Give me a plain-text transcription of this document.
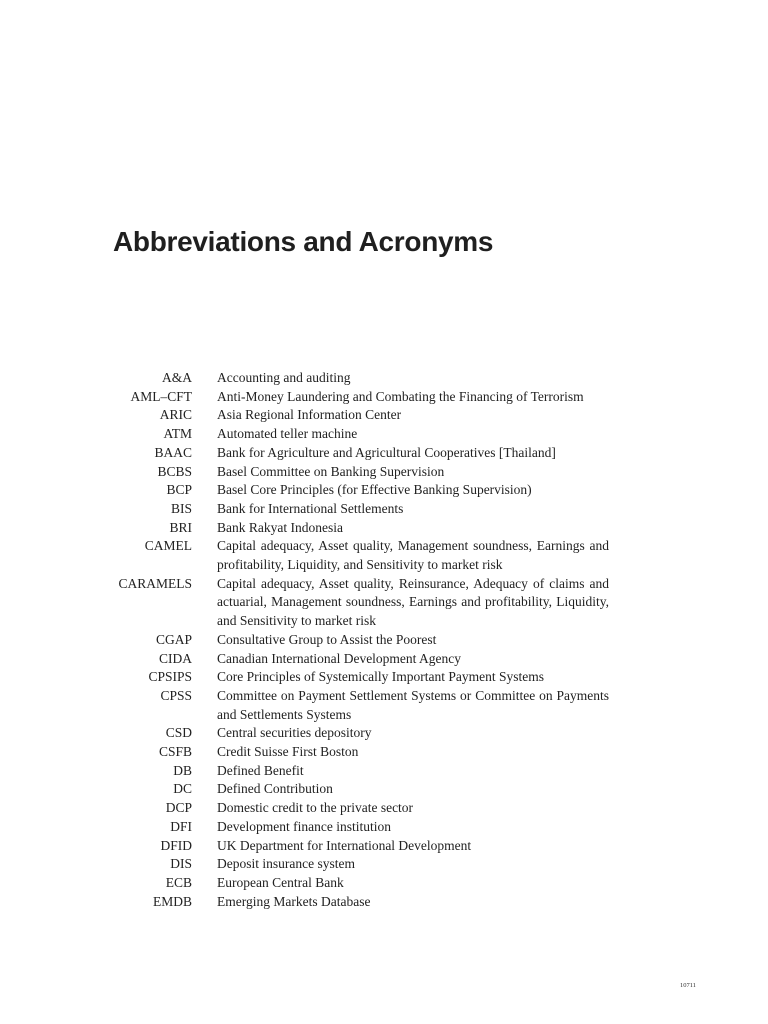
Abbreviations and Acronyms
A&A	Accounting and auditing
AML–CFT	Anti-Money Laundering and Combating the Financing of Terrorism
ARIC	Asia Regional Information Center
ATM	Automated teller machine
BAAC	Bank for Agriculture and Agricultural Cooperatives [Thailand]
BCBS	Basel Committee on Banking Supervision
BCP	Basel Core Principles (for Effective Banking Supervision)
BIS	Bank for International Settlements
BRI	Bank Rakyat Indonesia
CAMEL	Capital adequacy, Asset quality, Management soundness, Earnings and profitability, Liquidity, and Sensitivity to market risk
CARAMELS	Capital adequacy, Asset quality, Reinsurance, Adequacy of claims and actuarial, Management soundness, Earnings and profitability, Liquidity, and Sensitivity to market risk
CGAP	Consultative Group to Assist the Poorest
CIDA	Canadian International Development Agency
CPSIPS	Core Principles of Systemically Important Payment Systems
CPSS	Committee on Payment Settlement Systems or Committee on Payments and Settlements Systems
CSD	Central securities depository
CSFB	Credit Suisse First Boston
DB	Defined Benefit
DC	Defined Contribution
DCP	Domestic credit to the private sector
DFI	Development finance institution
DFID	UK Department for International Development
DIS	Deposit insurance system
ECB	European Central Bank
EMDB	Emerging Markets Database
10711
